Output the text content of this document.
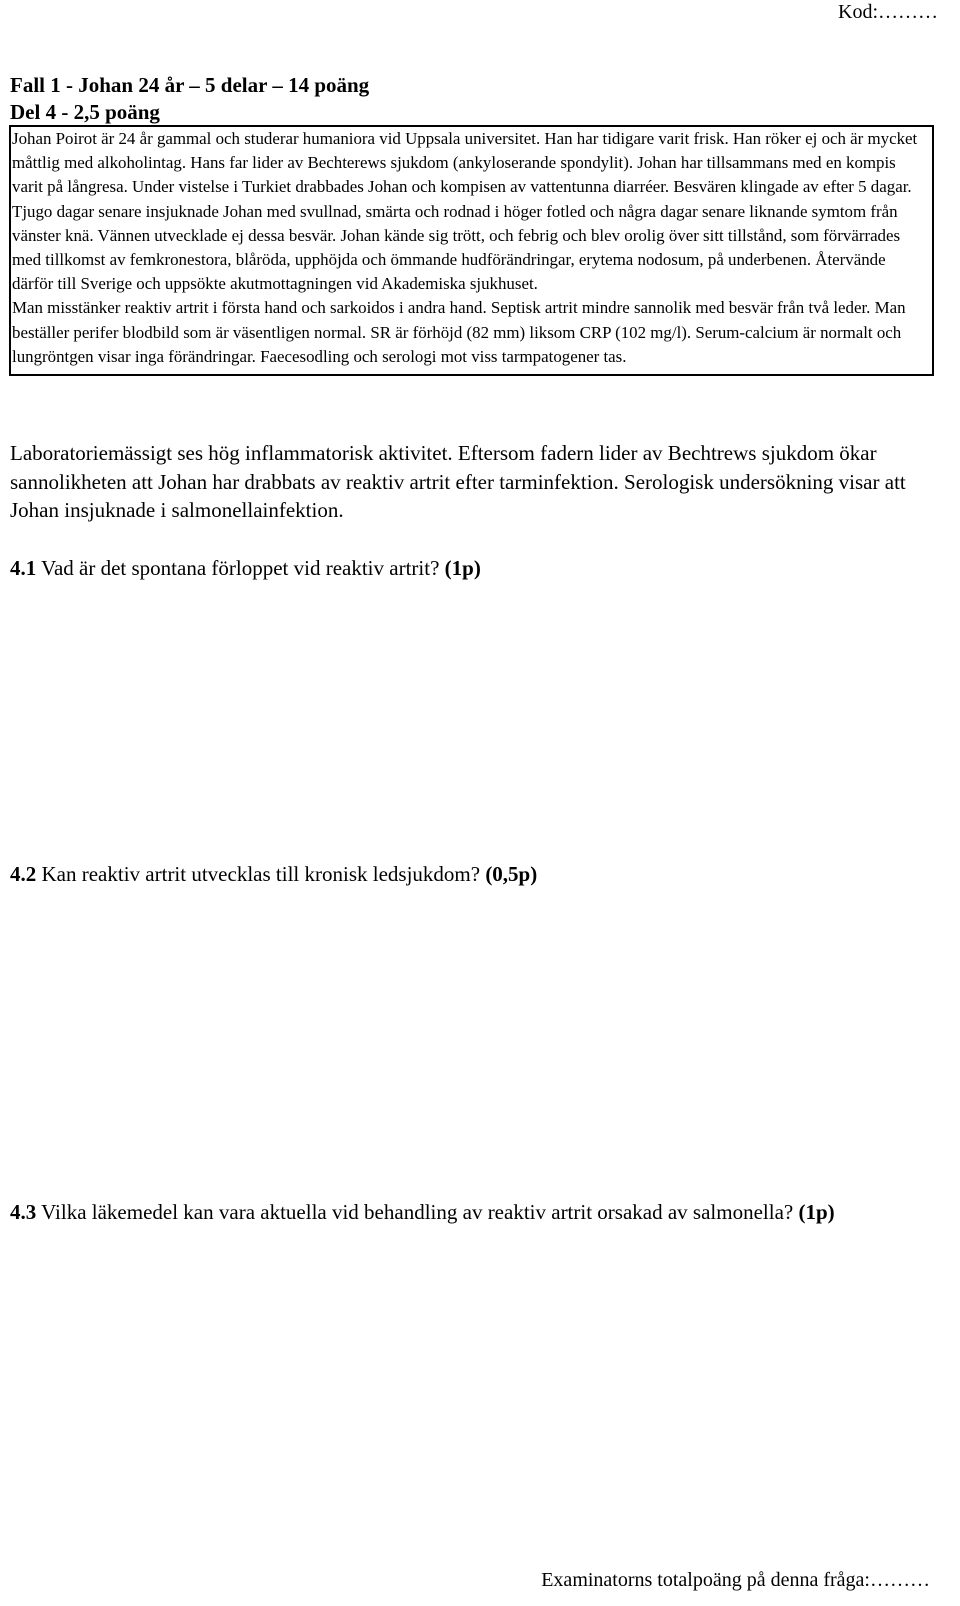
Kod:………
Fall 1 - Johan 24 år – 5 delar – 14 poäng
Del 4 - 2,5 poäng

Johan Poirot är 24 år gammal och studerar humaniora vid Uppsala universitet. Han har tidigare varit frisk. Han röker ej och är mycket måttlig med alkoholintag. Hans far lider av Bechterews sjukdom (ankyloserande spondylit). Johan har tillsammans med en kompis varit på långresa. Under vistelse i Turkiet drabbades Johan och kompisen av vattentunna diarréer. Besvären klingade av efter 5 dagar. Tjugo dagar senare insjuknade Johan med svullnad, smärta och rodnad i höger fotled och några dagar senare liknande symtom från vänster knä. Vännen utvecklade ej dessa besvär. Johan kände sig trött, och febrig och blev orolig över sitt tillstånd, som förvärrades med tillkomst av femkronestora, blåröda, upphöjda och ömmande hudförändringar, erytema nodosum, på underbenen. Återvände därför till Sverige och uppsökte akutmottagningen vid Akademiska sjukhuset.

Man misstänker reaktiv artrit i första hand och sarkoidos i andra hand. Septisk artrit mindre sannolik med besvär från två leder. Man beställer perifer blodbild som är väsentligen normal. SR är förhöjd (82 mm) liksom CRP (102 mg/l). Serum-calcium är normalt och lungröntgen visar inga förändringar. Faecesodling och serologi mot viss tarmpatogener tas.

Laboratoriemässigt ses hög inflammatorisk aktivitet. Eftersom fadern lider av Bechtrews sjukdom ökar sannolikheten att Johan har drabbats av reaktiv artrit efter tarminfektion. Serologisk undersökning visar att Johan insjuknade i salmonellainfektion.

4.1 Vad är det spontana förloppet vid reaktiv artrit? (1p)

4.2 Kan reaktiv artrit utvecklas till kronisk ledsjukdom? (0,5p)

4.3 Vilka läkemedel kan vara aktuella vid behandling av reaktiv artrit orsakad av salmonella? (1p)

Examinatorns totalpoäng på denna fråga:………
